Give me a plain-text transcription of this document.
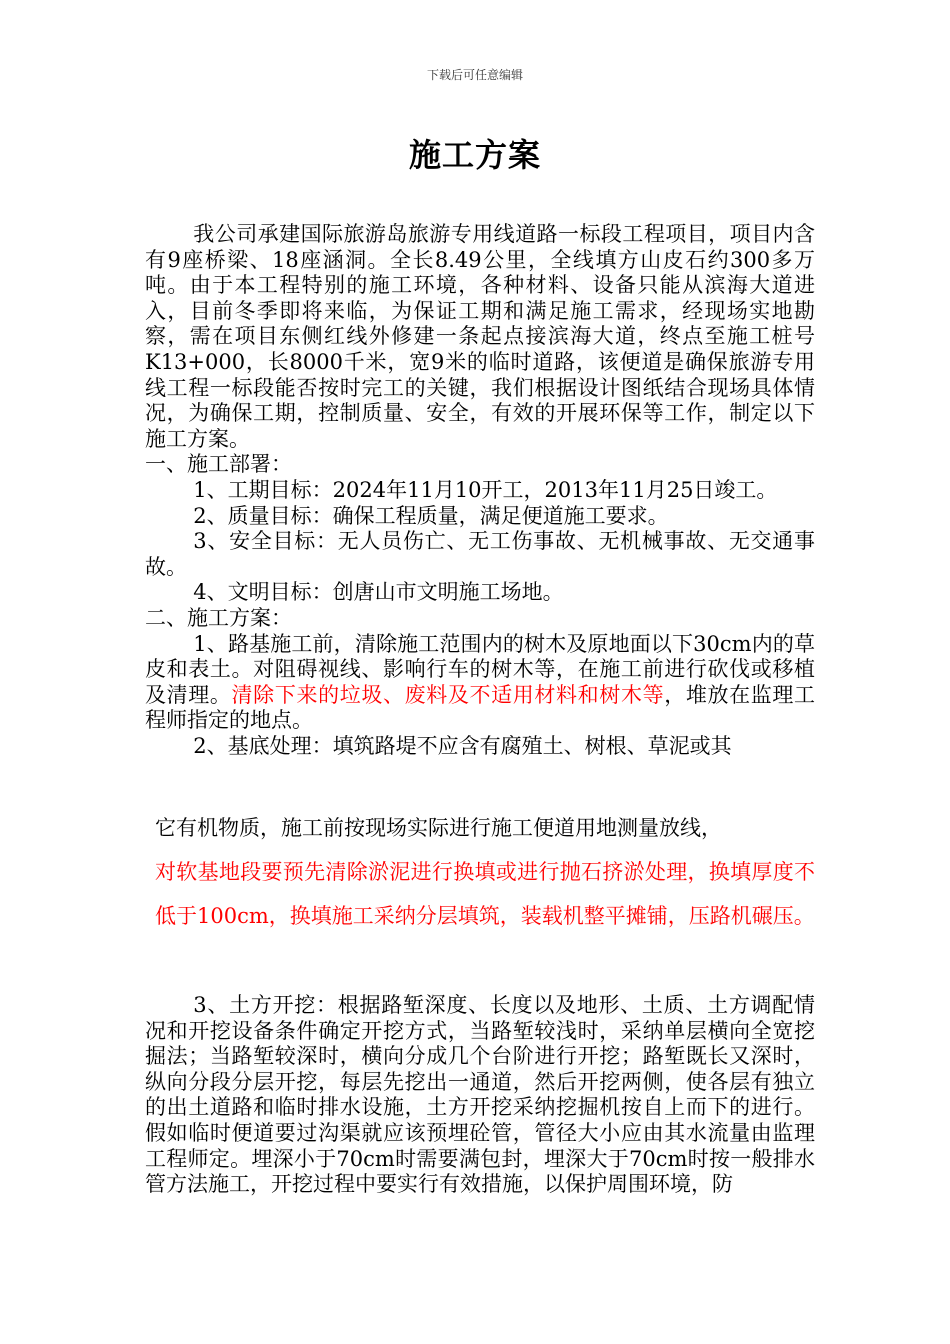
下载后可任意编辑
施工方案

我公司承建国际旅游岛旅游专用线道路一标段工程项目，项目内含有9座桥梁、18座涵洞。全长8.49公里，全线填方山皮石约300多万吨。由于本工程特别的施工环境，各种材料、设备只能从滨海大道进入，目前冬季即将来临，为保证工期和满足施工需求，经现场实地勘察，需在项目东侧红线外修建一条起点接滨海大道，终点至施工桩号K13+000，长8000千米，宽9米的临时道路，该便道是确保旅游专用线工程一标段能否按时完工的关键，我们根据设计图纸结合现场具体情况，为确保工期，控制质量、安全，有效的开展环保等工作，制定以下施工方案。

一、施工部署：

1、工期目标：2024年11月10开工，2013年11月25日竣工。

2、质量目标：确保工程质量，满足便道施工要求。

3、安全目标：无人员伤亡、无工伤事故、无机械事故、无交通事故。

4、文明目标：创唐山市文明施工场地。

二、施工方案：

1、路基施工前，清除施工范围内的树木及原地面以下30cm内的草皮和表土。对阻碍视线、影响行车的树木等，在施工前进行砍伐或移植及清理。清除下来的垃圾、废料及不适用材料和树木等，堆放在监理工程师指定的地点。

2、基底处理：填筑路堤不应含有腐殖土、树根、草泥或其

它有机物质，施工前按现场实际进行施工便道用地测量放线，

对软基地段要预先清除淤泥进行换填或进行抛石挤淤处理，换填厚度不低于100cm，换填施工采纳分层填筑，装载机整平摊铺，压路机碾压。

3、土方开挖：根据路堑深度、长度以及地形、土质、土方调配情况和开挖设备条件确定开挖方式，当路堑较浅时，采纳单层横向全宽挖掘法；当路堑较深时，横向分成几个台阶进行开挖；路堑既长又深时，纵向分段分层开挖，每层先挖出一通道，然后开挖两侧，使各层有独立的出土道路和临时排水设施，土方开挖采纳挖掘机按自上而下的进行。假如临时便道要过沟渠就应该预埋砼管，管径大小应由其水流量由监理工程师定。埋深小于70cm时需要满包封，埋深大于70cm时按一般排水管方法施工，开挖过程中要实行有效措施，以保护周围环境，防
